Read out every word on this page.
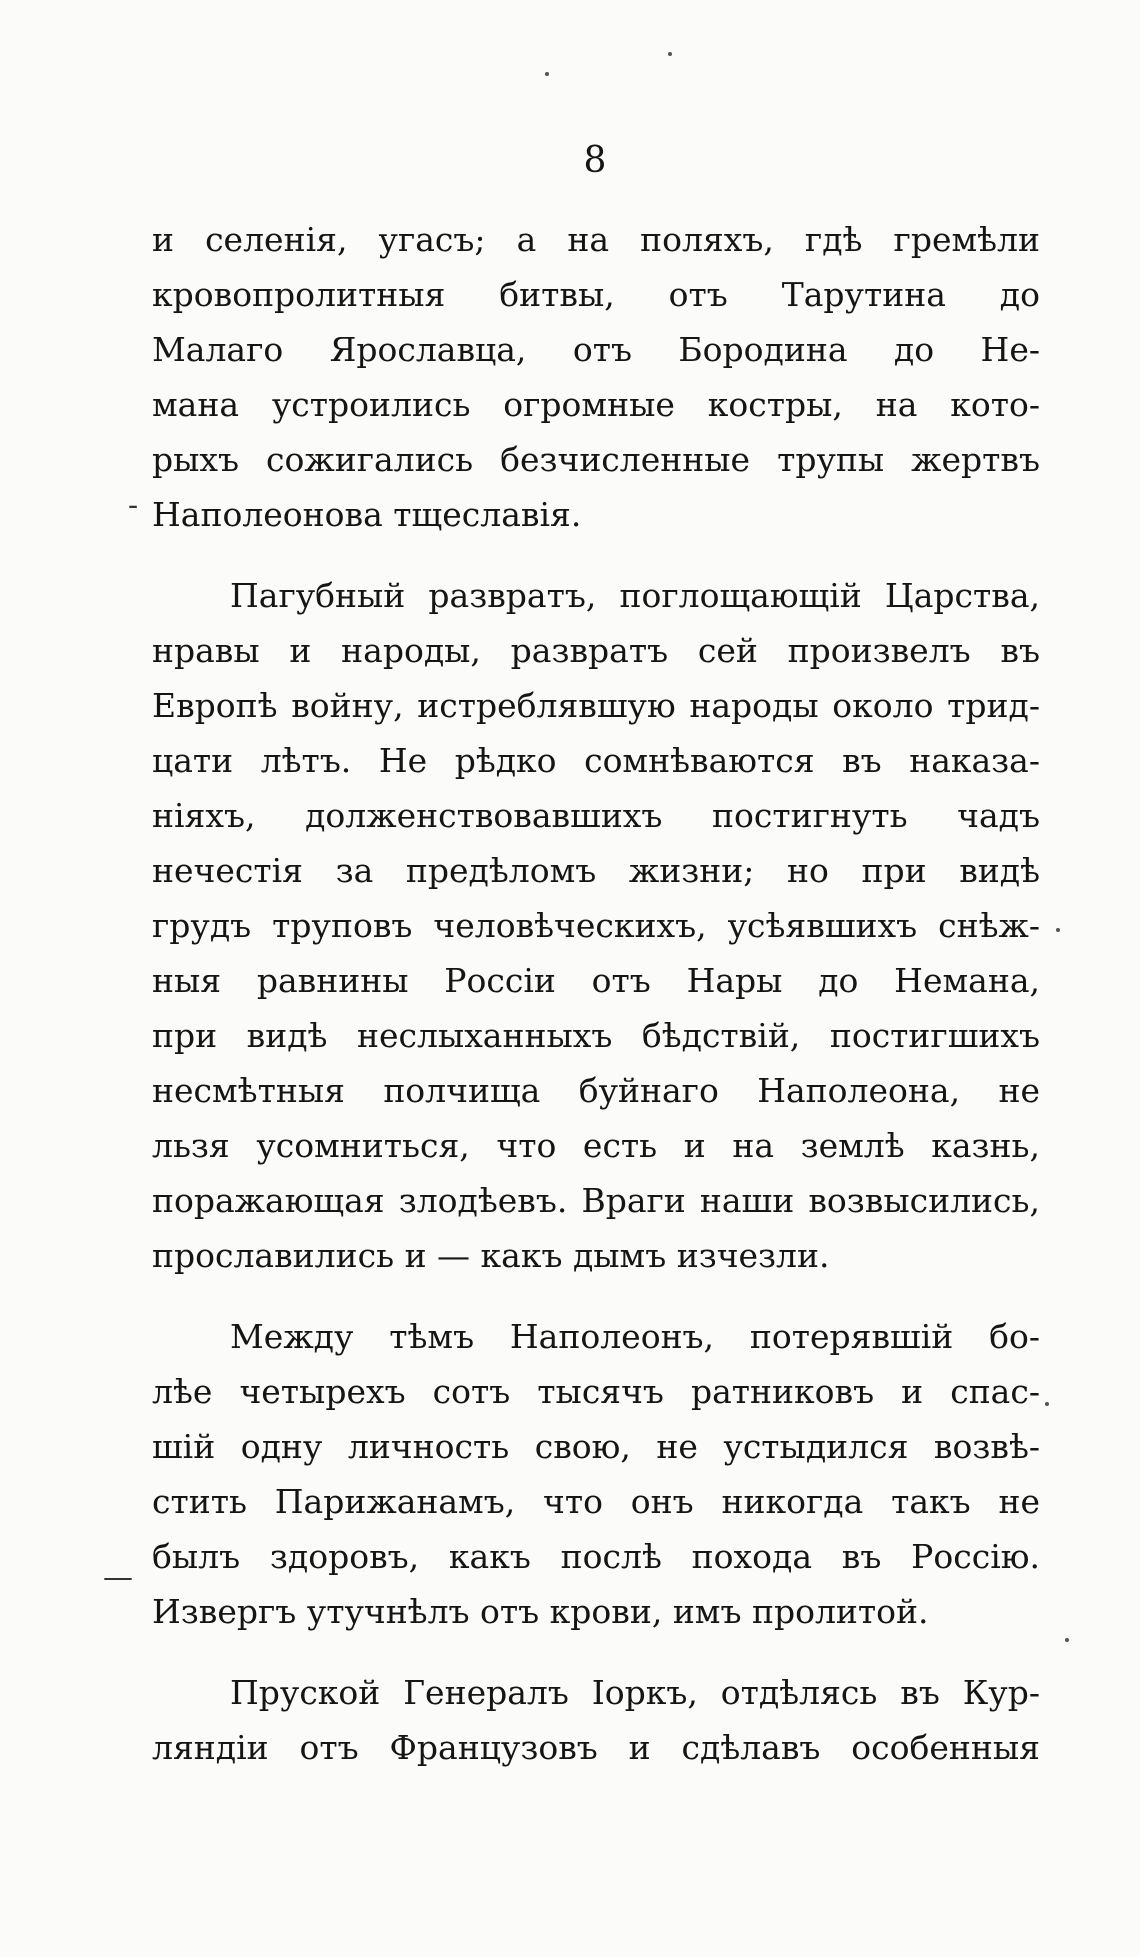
8
и селенія, угасъ; а на поляхъ, гдѣ гремѣли
кровопролитныя битвы, отъ Тарутина до
Малаго Ярославца, отъ Бородина до Не-
мана устроились огромные костры, на кото-
рыхъ сожигались безчисленные трупы жертвъ
Наполеонова тщеславія.
Пагубный развратъ, поглощающій Царства,
нравы и народы, развратъ сей произвелъ въ
Европѣ войну, истреблявшую народы около трид-
цати лѣтъ. Не рѣдко сомнѣваются въ наказа-
ніяхъ, долженствовавшихъ постигнуть чадъ
нечестія за предѣломъ жизни; но при видѣ
грудъ труповъ человѣческихъ, усѣявшихъ снѣж-
ныя равнины Россіи отъ Нары до Немана,
при видѣ неслыханныхъ бѣдствій, постигшихъ
несмѣтныя полчища буйнаго Наполеона, не
льзя усомниться, что есть и на землѣ казнь,
поражающая злодѣевъ. Враги наши возвысились,
прославились и — какъ дымъ изчезли.
Между тѣмъ Наполеонъ, потерявшій бо-
лѣе четырехъ сотъ тысячъ ратниковъ и спас-
шій одну личность свою, не устыдился возвѣ-
стить Парижанамъ, что онъ никогда такъ не
былъ здоровъ, какъ послѣ похода въ Россію.
Извергъ утучнѣлъ отъ крови, имъ пролитой.
Пруской Генералъ Іоркъ, отдѣлясь въ Кур-
ляндіи отъ Французовъ и сдѣлавъ особенныя
-
—
